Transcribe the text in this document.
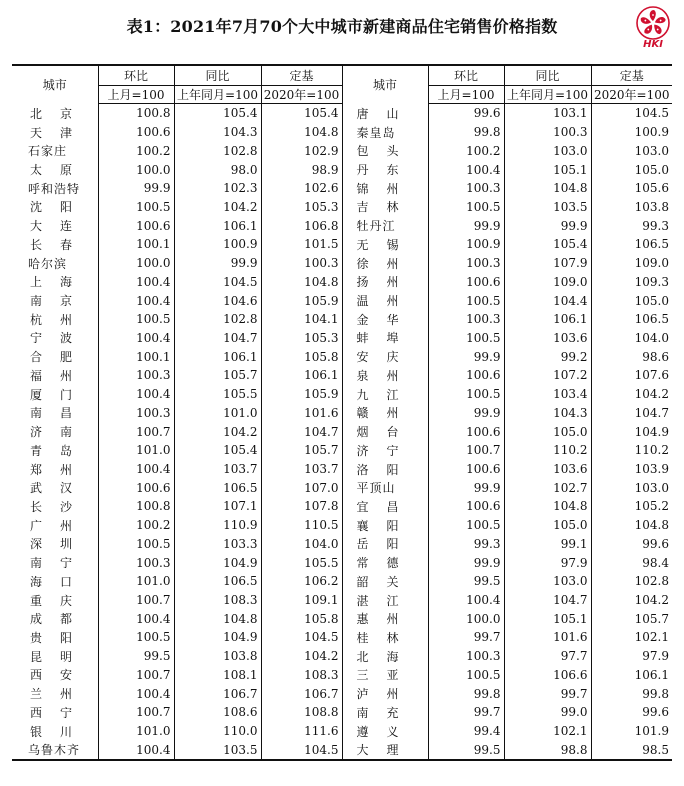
表1：2021年7月70个大中城市新建商品住宅销售价格指数
HKI
城市	环比	同比	定基	城市	环比	同比	定基
	上月=100	上年同月=100	2020年=100		上月=100	上年同月=100	2020年=100
北　京	100.8	105.4	105.4	唐　山	99.6	103.1	104.5
天　津	100.6	104.3	104.8	秦皇岛	99.8	100.3	100.9
石家庄	100.2	102.8	102.9	包　头	100.2	103.0	103.0
太　原	100.0	98.0	98.9	丹　东	100.4	105.1	105.0
呼和浩特	99.9	102.3	102.6	锦　州	100.3	104.8	105.6
沈　阳	100.5	104.2	105.3	吉　林	100.5	103.5	103.8
大　连	100.6	106.1	106.8	牡丹江	99.9	99.9	99.3
长　春	100.1	100.9	101.5	无　锡	100.9	105.4	106.5
哈尔滨	100.0	99.9	100.3	徐　州	100.3	107.9	109.0
上　海	100.4	104.5	104.8	扬　州	100.6	109.0	109.3
南　京	100.4	104.6	105.9	温　州	100.5	104.4	105.0
杭　州	100.5	102.8	104.1	金　华	100.3	106.1	106.5
宁　波	100.4	104.7	105.3	蚌　埠	100.5	103.6	104.0
合　肥	100.1	106.1	105.8	安　庆	99.9	99.2	98.6
福　州	100.3	105.7	106.1	泉　州	100.6	107.2	107.6
厦　门	100.4	105.5	105.9	九　江	100.5	103.4	104.2
南　昌	100.3	101.0	101.6	赣　州	99.9	104.3	104.7
济　南	100.7	104.2	104.7	烟　台	100.6	105.0	104.9
青　岛	101.0	105.4	105.7	济　宁	100.7	110.2	110.2
郑　州	100.4	103.7	103.7	洛　阳	100.6	103.6	103.9
武　汉	100.6	106.5	107.0	平顶山	99.9	102.7	103.0
长　沙	100.8	107.1	107.8	宜　昌	100.6	104.8	105.2
广　州	100.2	110.9	110.5	襄　阳	100.5	105.0	104.8
深　圳	100.5	103.3	104.0	岳　阳	99.3	99.1	99.6
南　宁	100.3	104.9	105.5	常　德	99.9	97.9	98.4
海　口	101.0	106.5	106.2	韶　关	99.5	103.0	102.8
重　庆	100.7	108.3	109.1	湛　江	100.4	104.7	104.2
成　都	100.4	104.8	105.8	惠　州	100.0	105.1	105.7
贵　阳	100.5	104.9	104.5	桂　林	99.7	101.6	102.1
昆　明	99.5	103.8	104.2	北　海	100.3	97.7	97.9
西　安	100.7	108.1	108.3	三　亚	100.5	106.6	106.1
兰　州	100.4	106.7	106.7	泸　州	99.8	99.7	99.8
西　宁	100.7	108.6	108.8	南　充	99.7	99.0	99.6
银　川	101.0	110.0	111.6	遵　义	99.4	102.1	101.9
乌鲁木齐	100.4	103.5	104.5	大　理	99.5	98.8	98.5
